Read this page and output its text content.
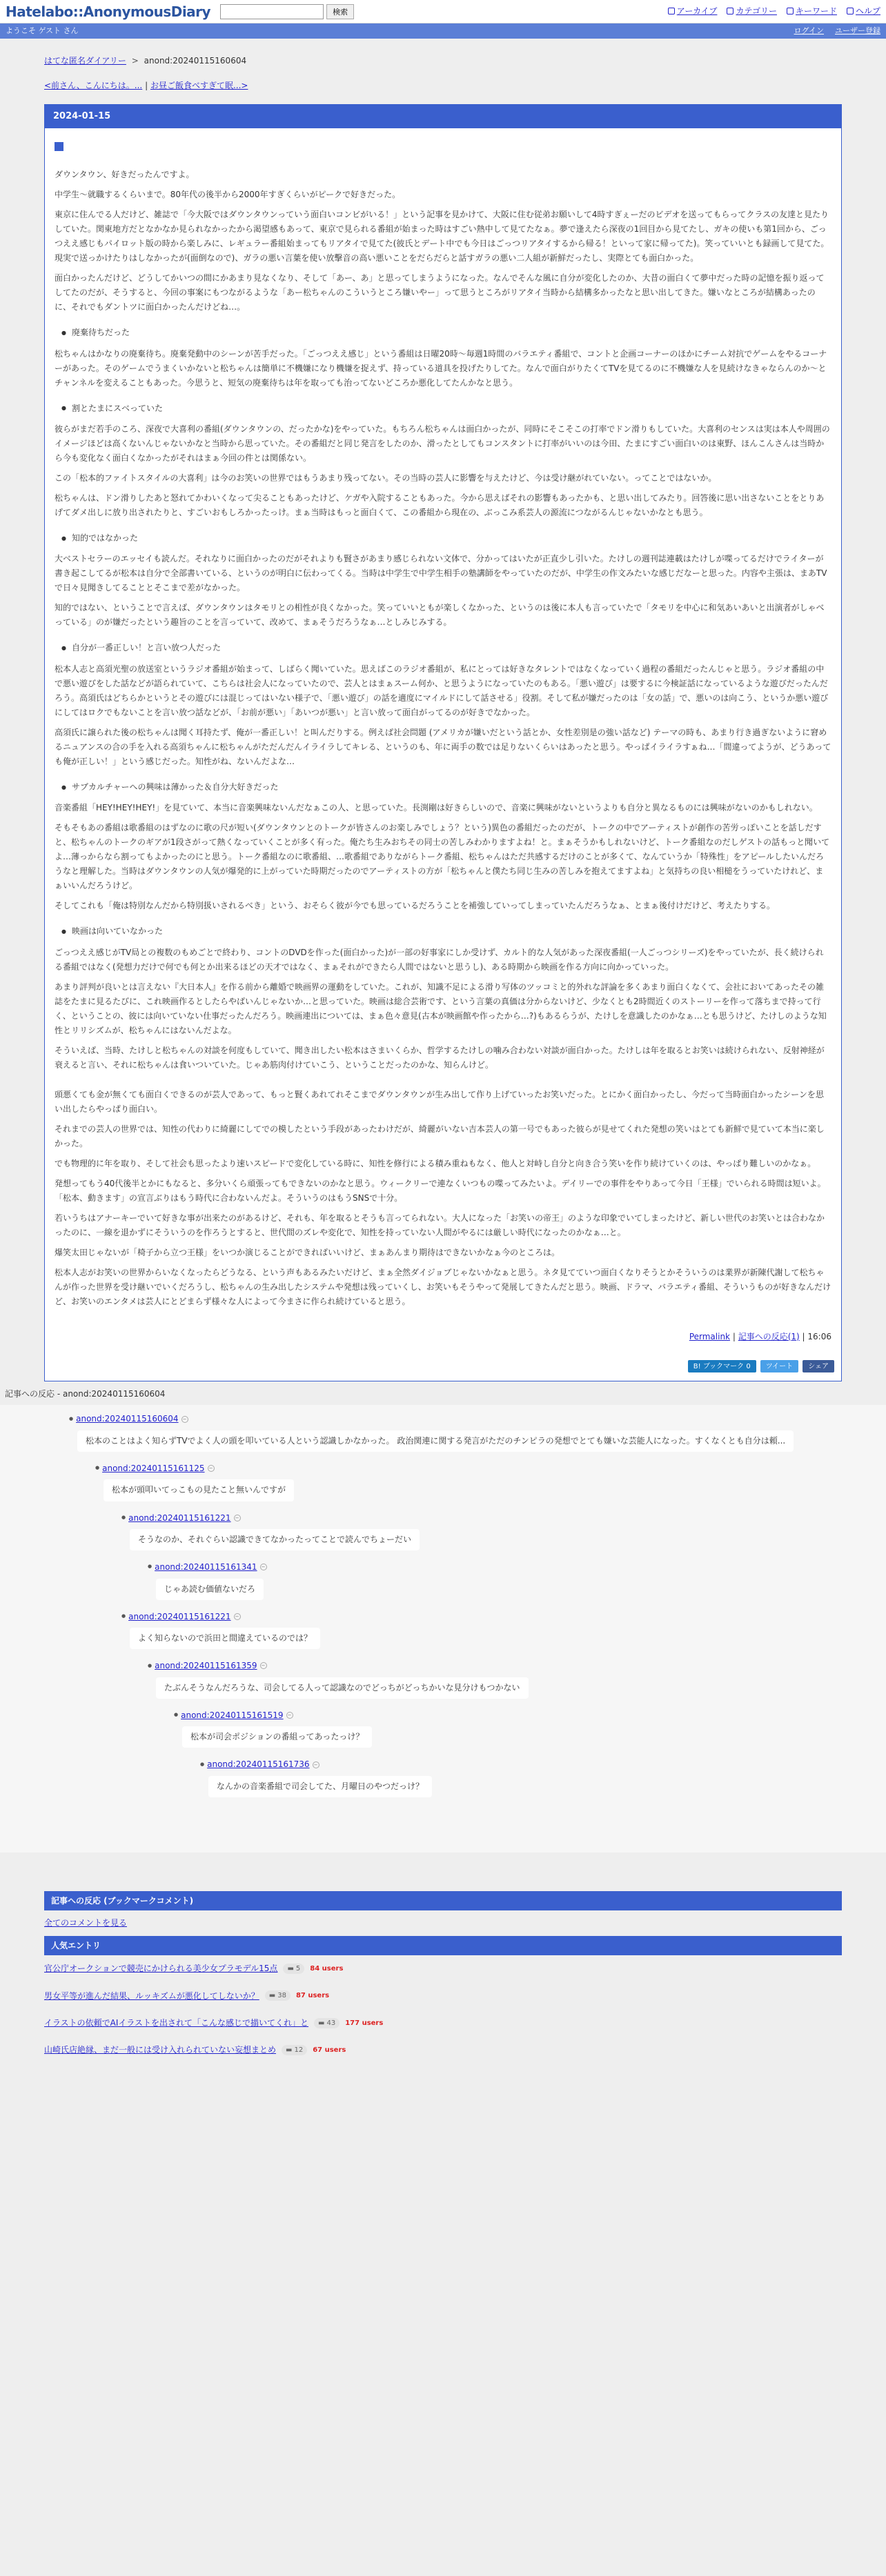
Hatelabo::AnonymousDiary	検索	アーカイブ カテゴリー キーワード ヘルプ
ようこそ ゲスト さん	ログイン ユーザー登録
はてな匿名ダイアリー > anond:20240115160604
<前さん、こんにちは。... | お昼ご飯食べすぎて眠...>
2024-01-15

ダウンタウン、好きだったんですよ。

中学生〜就職するくらいまで。80年代の後半から2000年すぎくらいがピークで好きだった。

東京に住んでる人だけど、雑誌で「今大阪ではダウンタウンっていう面白いコンビがいる！」という記事を見かけて、大阪に住む従弟お願いして4時すぎぇーだのビデオを送ってもらってクラスの友達と見たりしていた。関東地方だとなかなか見られなかったから渇望感もあって、東京で見られる番組が始まった時はすごい熱中して見てたなぁ。夢で逢えたら深夜の1回目から見てたし、ガキの使いも第1回から、ごっつええ感じもパイロット版の時から楽しみに、レギュラー番組始まってもリアタイで見てた(彼氏とデート中でも今日はごっつリアタイするから帰る！といって家に帰ってた)。笑っていいとも録画して見てた。現実で送っかけたりはしなかったが(面倒なので)、ガラの悪い言葉を使い放擊音の高い悪いことをだらだらと話すガラの悪い二人組が新鮮だったし、実際とても面白かった。

面白かったんだけど、どうしてかいつの間にかあまり見なくなり、そして「あー、あ」と思ってしまうようになった。なんでそんな風に自分が変化したのか、大昔の面白くて夢中だった時の記憶を振り返ってしてたのだが、そうすると、今回の事案にもつながるような「あー松ちゃんのこういうところ嫌いやー」って思うところがリアタイ当時から結構多かったなと思い出してきた。嫌いなところが結構あったのに、それでもダントツに面白かったんだけどね…。

● 廃棄待ちだった

松ちゃんはかなりの廃棄待ち。廃棄発動中のシーンが苦手だった。「ごっつええ感じ」という番組は日曜20時〜毎週1時間のバラエティ番組で、コントと企画コーナーのほかにチーム対抗でゲームをやるコーナーがあった。そのゲームでうまくいかないと松ちゃんは簡単に不機嫌になり機嫌を捉えず、持っている道具を投げたりしてた。なんで面白がりたくてTVを見てるのに不機嫌な人を見続けなきゃならんのか〜とチャンネルを変えることもあった。今思うと、短気の廃棄待ちは年を取っても治ってないどころか悪化してたんかなと思う。

● 割とたまにスベっていた

彼らがまだ若手のころ、深夜で大喜利の番組(ダウンタウンの、だったかな)をやっていた。もちろん松ちゃんは面白かったが、同時にそこそこの打率でドン滑りもしていた。大喜利のセンスは実は本人や周囲のイメージほどは高くないんじゃないかなと当時から思っていた。その番組だと同じ発言をしたのか、滑ったとしてもコンスタントに打率がいいのは今田、たまにすごい面白いのは東野、ほんこんさんは当時から今も変化なく面白くなかったがそれはまぁ今回の件とは関係ない。

この「松本的ファイトスタイルの大喜利」は今のお笑いの世界ではもうあまり残ってない。その当時の芸人に影響を与えたけど、今は受け継がれていない。ってことではないか。

松ちゃんは、ドン滑りしたあと怒れてかわいくなって尖ることもあったけど、ケガや入院することもあった。今から思えばそれの影響もあったかも、と思い出してみたり。回答後に思い出さないことをとりあげてダメ出しに放り出されたりと、すごいおもしろかったっけ。まぁ当時はもっと面白くて、この番組から現在の、ぶっこみ系芸人の源流につながるんじゃないかなとも思う。

● 知的ではなかった

大ベストセラーのエッセイも読んだ。それなりに面白かったのだがそれよりも賢さがあまり感じられない文体で、分かってはいたが正直少し引いた。たけしの週刊誌連載はたけしが喋ってるだけでライターが書き起こしてるが松本は自分で全部書いている、というのが明白に伝わってくる。当時は中学生で中学生相手の塾講師をやっていたのだが、中学生の作文みたいな感じだなーと思った。内容や主張は、まあTVで日々見聞きしてることとそこまで差がなかった。

知的ではない、ということで言えば、ダウンタウンはタモリとの相性が良くなかった。笑っていいともが楽しくなかった、というのは後に本人も言っていたで「タモリを中心に和気あいあいと出演者がしゃべっている」のが嫌だったという趣旨のことを言っていて、改めて、まぁそうだろうなぁ…としみじみする。

● 自分が一番正しい！と言い放つ人だった

松本人志と高須光聖の放送室というラジオ番組が始まって、しばらく聞いていた。思えばこのラジオ番組が、私にとっては好きなタレントではなくなっていく過程の番組だったんじゃと思う。ラジオ番組の中で悪い遊びをした話などが語られていて、こちらは社会人になっていたので、芸人とはまぁスーム何か、と思うようになっていたのもある。「悪い遊び」は要するに今検証話になっているような遊びだったんだろう。高須氏はどちらかというとその遊びには混じってはいない様子で、「悪い遊び」の話を適度にマイルドにして話させる」役割。そして私が嫌だったのは「女の話」で、悪いのは向こう、というか悪い遊びにしてはロクでもないことを言い放つ話などが、「お前が悪い」「あいつが悪い」と言い放って面白がってるのが好きでなかった。

高須氏に譲られた後の松ちゃんは聞く耳持たず、俺が一番正しい！と叫んだりする。例えば社会問題 (アメリカが嫌いだという話とか、女性差別是の強い話など) テーマの時も、あまり行き過ぎないように窘めるニュアンスの合の手を入れる高須ちゃんに松ちゃんがただんだんイライラしてキレる、というのも、年に両手の数では足りないくらいはあったと思う。やっぱイライラすぁね…「間違ってようが、どうあっても俺が正しい！」という感じだった。知性がね、ないんだよな…

● サブカルチャーへの興味は薄かった＆自分大好きだった

音楽番組「HEY!HEY!HEY!」を見ていて、本当に音楽興味ないんだなぁこの人、と思っていた。長渕剛は好きらしいので、音楽に興味がないというよりも自分と異なるものには興味がないのかもしれない。

そもそもあの番組は歌番組のはずなのに歌の尺が短い(ダウンタウンとのトークが皆さんのお楽しみでしょう？という)異色の番組だったのだが、トークの中でアーティストが創作の苦労っぽいことを話しだすと、松ちゃんのトークのギアが1段さがって熱くなっていくことが多く有った。俺たち生みおちその同士の苦しみわかりますよね！と。まぁそうかもしれないけど、トーク番組なのだしゲストの話もっと聞いてよ…薄っからなら割ってもよかったのにと思う。トーク番組なのに歌番組、…歌番組でありながらトーク番組、松ちゃんはただ共感するだけのことが多くて、なんていうか「特殊性」をアピールしたいんだろうなと理解した。当時はダウンタウンの人気が爆発的に上がっていた時期だったのでアーティストの方が「松ちゃんと僕たち同じ生みの苦しみを抱えてますよね」と気持ちの良い相槌をうっていたけれど、まぁいいんだろうけど。

そしてこれも「俺は特別なんだから特別扱いされるべき」という、おそらく彼が今でも思っているだろうことを補強していってしまっていたんだろうなぁ、とまぁ後付けだけど、考えたりする。

● 映画は向いていなかった

ごっつええ感じがTV局との複数のもめごとで終わり、コントのDVDを作った(面白かった)が一部の好事家にしか受けず、カルト的な人気があった深夜番組(一人ごっつシリーズ)をやっていたが、長く続けられる番組ではなく(発想力だけで何でも何とか出来るほどの天才ではなく、まぁそれができたら人間ではないと思うし)、ある時期から映画を作る方向に向かっていった。

あまり評判が良いとは言えない『大日本人』を作る前から離婚で映画界の運動をしていた。これが、知識不足による滑り写体のツッコミと的外れな評論を多くあまり面白くなくて、会社においてあったその雑誌をたまに見るたびに、これ映画作るとしたらやばいんじゃないか…と思っていた。映画は総合芸術です、という言葉の真価は分からないけど、少なくとも2時間近くのストーリーを作って落ちまで持って行く、ということの、彼には向いていない仕事だったんだろう。映画連出については、まぁ色々意見(古本が映画館や作ったから…?)もあるらうが、たけしを意識したのかなぁ…とも思うけど、たけしのような知性とリリシズムが、松ちゃんにはないんだよな。

そういえば、当時、たけしと松ちゃんの対談を何度もしていて、聞き出したい松本はさまいくらか、哲学するたけしの噛み合わない対談が面白かった。たけしは年を取るとお笑いは続けられない、反射神経が衰えると言い、それに松ちゃんは食いついていた。じゃあ筋肉付けていこう、ということだったのかな、知らんけど。

頭悪くても金が無くても面白くできるのが芸人であって、もっと賢くあれてれそこまでダウンタウンが生み出して作り上げていったお笑いだった。とにかく面白かったし、今だって当時面白かったシーンを思い出したらやっぱり面白い。

それまでの芸人の世界では、知性の代わりに綺麗にしてでの模したという手段があったわけだが、綺麗がいない吉本芸人の第一号でもあった彼らが見せてくれた発想の笑いはとても新鮮で見ていて本当に楽しかった。

でも物理的に年を取り、そして社会も思ったより速いスピードで変化している時に、知性を修行による積み重ねもなく、他人と対峙し自分と向き合う笑いを作り続けていくのは、やっぱり難しいのかなぁ。

発想ってもう40代後半とかにもなると、多分いくら頑張ってもできないのかなと思う。ウィークリーで連なくいつもの喋ってみたいよ。デイリーでの事件をやりあって今日「王様」でいられる時間は短いよ。「松本、動きます」の宣言ぶりはもう時代に合わないんだよ。そういうのはもうSNSで十分。

若いうちはアナーキーでいて好きな事が出来たのがあるけど、それも、年を取るとそうも言ってられない。大人になった「お笑いの帝王」のような印象でいてしまったけど、新しい世代のお笑いとは合わなかったのに、一線を退かずにそういうのを作ろうとすると、世代間のズレや変化で、知性を持っていない人間がやるには厳しい時代になったのかなぁ…と。

爆笑太田じゃないが「椅子から立つ王様」をいつか演じることができればいいけど、まぁあんまり期待はできないかなぁ今のところは。

松本人志がお笑いの世界からいなくなったらどうなる、という声もあるみたいだけど、まぁ全然ダイジョブじゃないかなぁと思う。ネタ見てていつ面白くなりそうとかそういうのは業界が新陳代謝して松ちゃんが作った世界を受け継いでいくだろうし、松ちゃんの生み出したシステムや発想は残っていくし、お笑いもそうやって発展してきたんだと思う。映画、ドラマ、バラエティ番組、そういうものが好きなんだけど、お笑いのエンタメは芸人にとどまらず様々な人によって今まさに作られ続けていると思う。

Permalink | 記事への反応(1) | 16:06
B! ブックマーク 0	ツイート	シェア
記事への反応 - anond:20240115160604
● anond:20240115160604 −
松本のことはよく知らずTVでよく人の頭を叩いている人という認識しかなかった。 政治関連に関する発言がただのチンピラの発想でとても嫌いな芸能人になった。すくなくとも自分は頼...
● anond:20240115161125 −
松本が頭叩いてっこもの見たこと無いんですが
● anond:20240115161221 −
そうなのか、それぐらい認識できてなかったってことで読んでちょーだい
● anond:20240115161341 −
じゃあ読む価値ないだろ
● anond:20240115161221 −
よく知らないので浜田と間違えているのでは？
● anond:20240115161359 −
たぶんそうなんだろうな、司会してる人って認識なのでどっちがどっちかいな見分けもつかない
● anond:20240115161519 −
松本が司会ポジションの番組ってあったっけ？
● anond:20240115161736 −
なんかの音楽番組で司会してた、月曜日のやつだっけ？
記事への反応 (ブックマークコメント)
全てのコメントを見る
人気エントリ
官公庁オークションで競売にかけられる美少女プラモデル15点 ▬ 5 84 users
男女平等が進んだ結果、ルッキズムが悪化してしないか？ ▬ 38 87 users
イラストの依頼でAIイラストを出されて「こんな感じで描いてくれ」と ▬ 43 177 users
山崎氏店絶縁、まだ一般には受け入れられていない妄想まとめ ▬ 12 67 users
